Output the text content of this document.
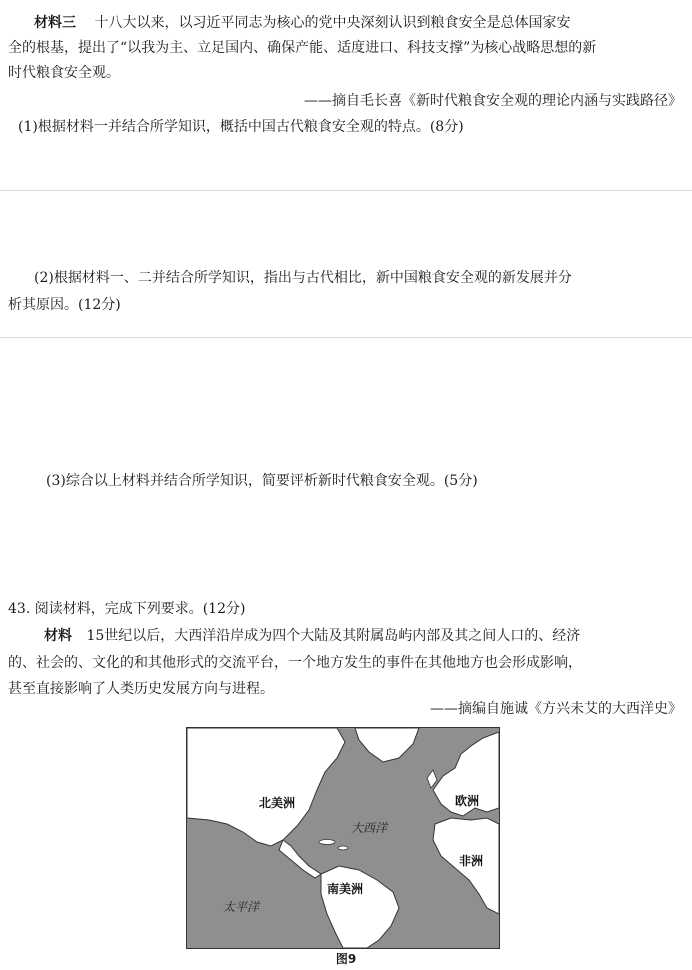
材料三 十八大以来，以习近平同志为核心的党中央深刻认识到粮食安全是总体国家安
全的根基，提出了“以我为主、立足国内、确保产能、适度进口、科技支撑”为核心战略思想的新
时代粮食安全观。
——摘自毛长喜《新时代粮食安全观的理论内涵与实践路径》
(1)根据材料一并结合所学知识，概括中国古代粮食安全观的特点。(8分)
(2)根据材料一、二并结合所学知识，指出与古代相比，新中国粮食安全观的新发展并分
析其原因。(12分)
(3)综合以上材料并结合所学知识，简要评析新时代粮食安全观。(5分)
43. 阅读材料，完成下列要求。(12分)
材料 15世纪以后，大西洋沿岸成为四个大陆及其附属岛屿内部及其之间人口的、经济
的、社会的、文化的和其他形式的交流平台，一个地方发生的事件在其他地方也会形成影响，
甚至直接影响了人类历史发展方向与进程。
——摘编自施诚《方兴未艾的大西洋史》
北美洲	欧洲
大西洋
非洲
南美洲
太平洋
图9
